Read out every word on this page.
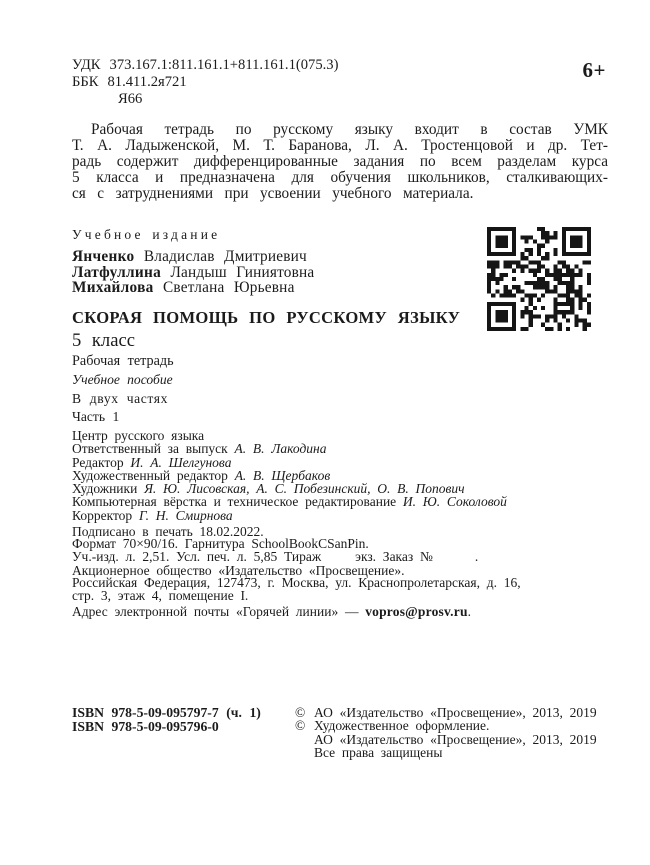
УДК 373.167.1:811.161.1+811.161.1(075.3)
ББК 81.411.2я721
Я66
6+
Рабочая тетрадь по русскому языку входит в состав УМК
Т. А. Ладыженской, М. Т. Баранова, Л. А. Тростенцовой и др. Тет-
радь содержит дифференцированные задания по всем разделам курса
5 класса и предназначена для обучения школьников, сталкивающих-
ся с затруднениями при усвоении учебного материала.
Учебное издание
Янченко Владислав Дмитриевич
Латфуллина Ландыш Гиниятовна
Михайлова Светлана Юрьевна
СКОРАЯ ПОМОЩЬ ПО РУССКОМУ ЯЗЫКУ
5 класс
Рабочая тетрадь
Учебное пособие
В двух частях
Часть 1
Центр русского языка
Ответственный за выпуск А. В. Лакодина
Редактор И. А. Шелгунова
Художественный редактор А. В. Щербаков
Художники Я. Ю. Лисовская, А. С. Побезинский, О. В. Попович
Компьютерная вёрстка и техническое редактирование И. Ю. Соколовой
Корректор Г. Н. Смирнова
Подписано в печать 18.02.2022.
Формат 70×90/16. Гарнитура SchoolBookCSanPin.
Уч.-изд. л. 2,51. Усл. печ. л. 5,85 Тираж	экз. Заказ №	.
Акционерное общество «Издательство «Просвещение».
Российская Федерация, 127473, г. Москва, ул. Краснопролетарская, д. 16,
стр. 3, этаж 4, помещение I.
Адрес электронной почты «Горячей линии» — vopros@prosv.ru.
ISBN 978-5-09-095797-7 (ч. 1)
ISBN 978-5-09-095796-0
© АО «Издательство «Просвещение», 2013, 2019
© Художественное оформление.
АО «Издательство «Просвещение», 2013, 2019
Все права защищены
